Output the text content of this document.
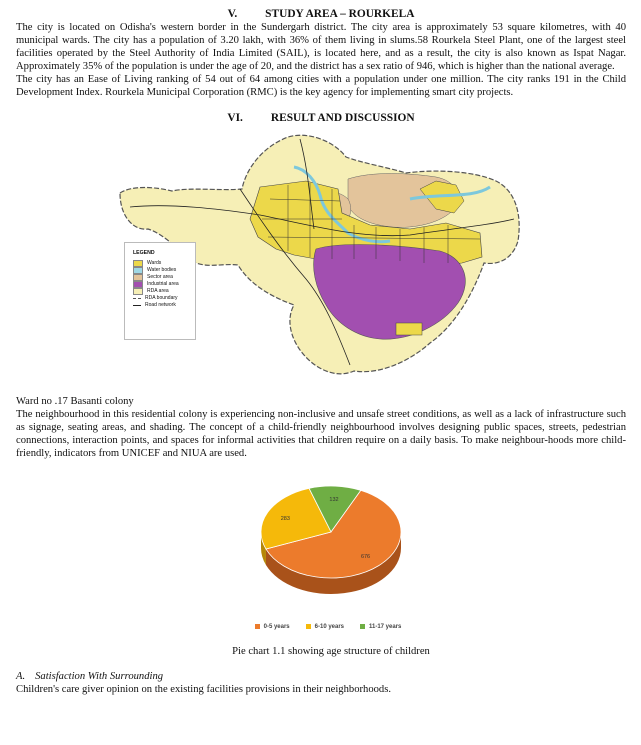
V. STUDY AREA – ROURKELA

The city is located on Odisha's western border in the Sundergarh district. The city area is approximately 53 square kilometres, with 40 municipal wards. The city has a population of 3.20 lakh, with 36% of them living in slums.58 Rourkela Steel Plant, one of the largest steel facilities operated by the Steel Authority of India Limited (SAIL), is located here, and as a result, the city is also known as Ispat Nagar. Approximately 35% of the population is under the age of 20, and the district has a sex ratio of 946, which is higher than the national average.

The city has an Ease of Living ranking of 54 out of 64 among cities with a population under one million. The city ranks 191 in the Child Development Index. Rourkela Municipal Corporation (RMC) is the key agency for implementing smart city projects.

VI. RESULT AND DISCUSSION
LEGEND
Wards
Water bodies
Sector area
Industrial area
RDA area
RDA boundary
Road network
Ward no .17 Basanti colony

The neighbourhood in this residential colony is experiencing non-inclusive and unsafe street conditions, as well as a lack of infrastructure such as signage, seating areas, and shading. The concept of a child-friendly neighbourhood involves designing public spaces, streets, pedestrian connections, interaction points, and spaces for informal activities that children require on a daily basis. To make neighbour-hoods more child-friendly, indicators from UNICEF and NIUA are used.

132
676
283
0-5 years	6-10 years	11-17 years
Pie chart 1.1 showing age structure of children
A. Satisfaction With Surrounding
Children's care giver opinion on the existing facilities provisions in their neighborhoods.
